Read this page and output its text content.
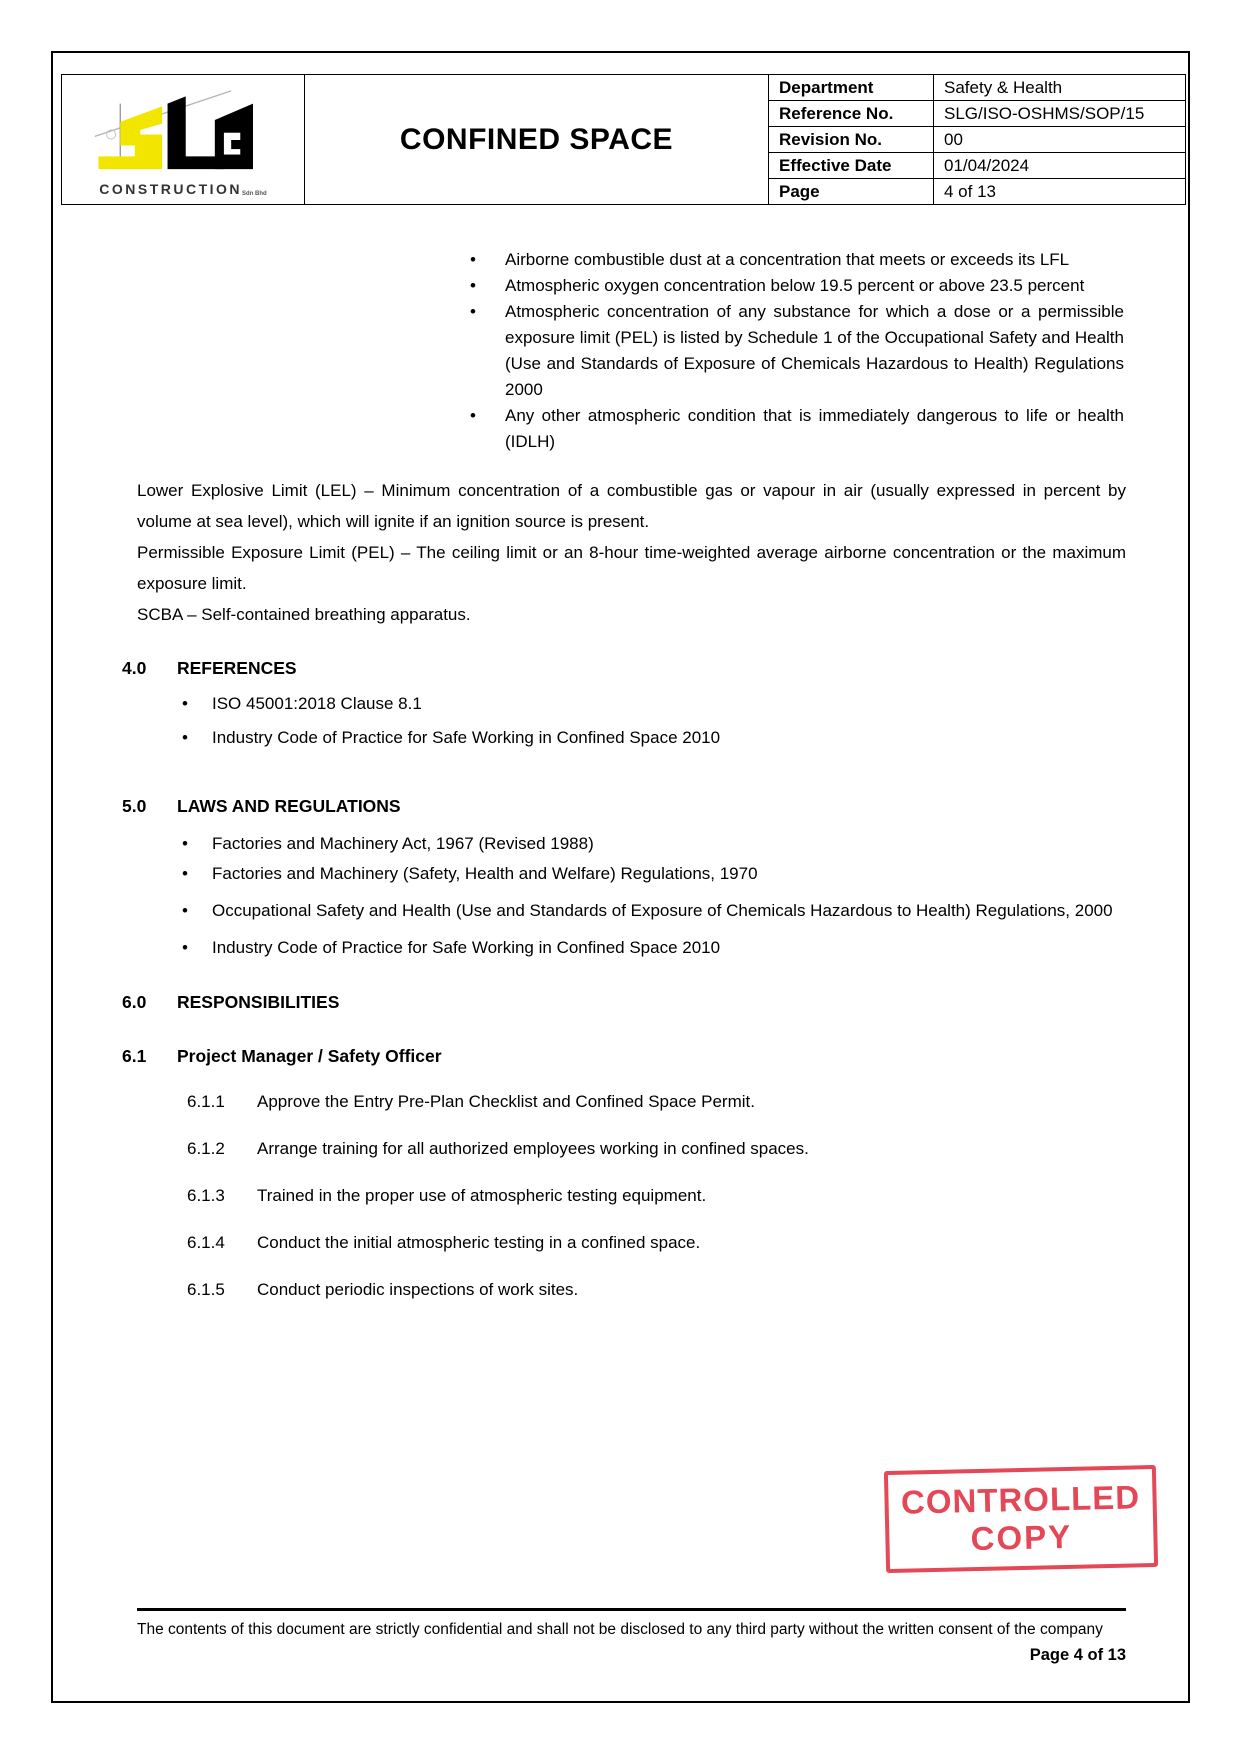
CONSTRUCTIONSdn Bhd	CONFINED SPACE	Department	Safety & Health
		Reference No.	SLG/ISO-OSHMS/SOP/15
		Revision No.	00
		Effective Date	01/04/2024
		Page	4 of 13
• Airborne combustible dust at a concentration that meets or exceeds its LFL
• Atmospheric oxygen concentration below 19.5 percent or above 23.5 percent
• Atmospheric concentration of any substance for which a dose or a permissible exposure limit (PEL) is listed by Schedule 1 of the Occupational Safety and Health (Use and Standards of Exposure of Chemicals Hazardous to Health) Regulations 2000
• Any other atmospheric condition that is immediately dangerous to life or health (IDLH)

Lower Explosive Limit (LEL) – Minimum concentration of a combustible gas or vapour in air (usually expressed in percent by volume at sea level), which will ignite if an ignition source is present.

Permissible Exposure Limit (PEL) – The ceiling limit or an 8-hour time-weighted average airborne concentration or the maximum exposure limit.

SCBA – Self-contained breathing apparatus.

4.0	REFERENCES
• ISO 45001:2018 Clause 8.1
• Industry Code of Practice for Safe Working in Confined Space 2010
5.0	LAWS AND REGULATIONS
• Factories and Machinery Act, 1967 (Revised 1988)
• Factories and Machinery (Safety, Health and Welfare) Regulations, 1970
• Occupational Safety and Health (Use and Standards of Exposure of Chemicals Hazardous to Health) Regulations, 2000
• Industry Code of Practice for Safe Working in Confined Space 2010
6.0	RESPONSIBILITIES
6.1	Project Manager / Safety Officer
6.1.1	Approve the Entry Pre-Plan Checklist and Confined Space Permit.
6.1.2	Arrange training for all authorized employees working in confined spaces.
6.1.3	Trained in the proper use of atmospheric testing equipment.
6.1.4	Conduct the initial atmospheric testing in a confined space.
6.1.5	Conduct periodic inspections of work sites.
The contents of this document are strictly confidential and shall not be disclosed to any third party without the written consent of the company
Page 4 of 13
CONTROLLED
COPY
